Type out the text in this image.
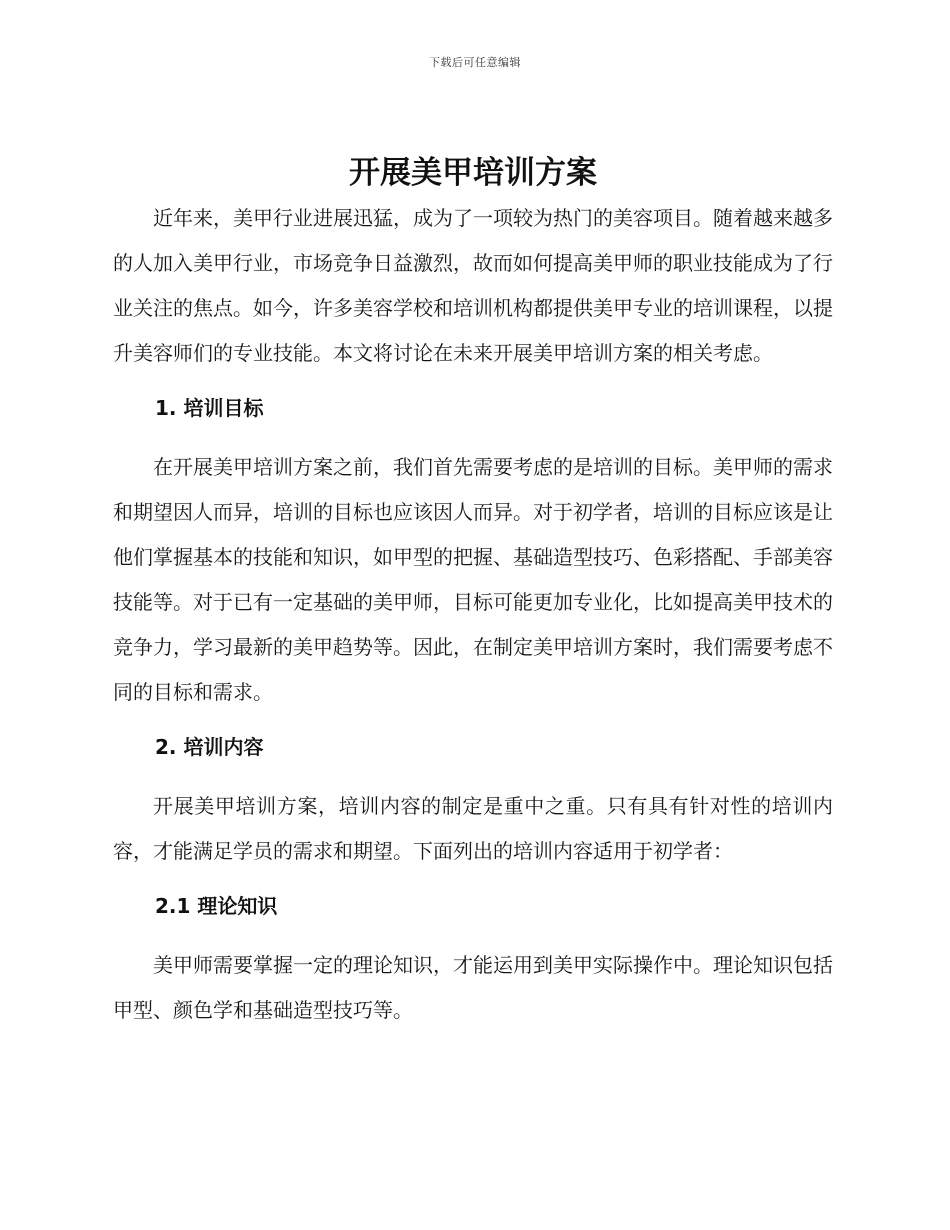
下载后可任意编辑
开展美甲培训方案

近年来，美甲行业进展迅猛，成为了一项较为热门的美容项目。随着越来越多的人加入美甲行业，市场竞争日益激烈，故而如何提高美甲师的职业技能成为了行业关注的焦点。如今，许多美容学校和培训机构都提供美甲专业的培训课程，以提升美容师们的专业技能。本文将讨论在未来开展美甲培训方案的相关考虑。

1. 培训目标

在开展美甲培训方案之前，我们首先需要考虑的是培训的目标。美甲师的需求和期望因人而异，培训的目标也应该因人而异。对于初学者，培训的目标应该是让他们掌握基本的技能和知识，如甲型的把握、基础造型技巧、色彩搭配、手部美容技能等。对于已有一定基础的美甲师，目标可能更加专业化，比如提高美甲技术的竞争力，学习最新的美甲趋势等。因此，在制定美甲培训方案时，我们需要考虑不同的目标和需求。

2. 培训内容

开展美甲培训方案，培训内容的制定是重中之重。只有具有针对性的培训内容，才能满足学员的需求和期望。下面列出的培训内容适用于初学者：

2.1 理论知识

美甲师需要掌握一定的理论知识，才能运用到美甲实际操作中。理论知识包括甲型、颜色学和基础造型技巧等。
